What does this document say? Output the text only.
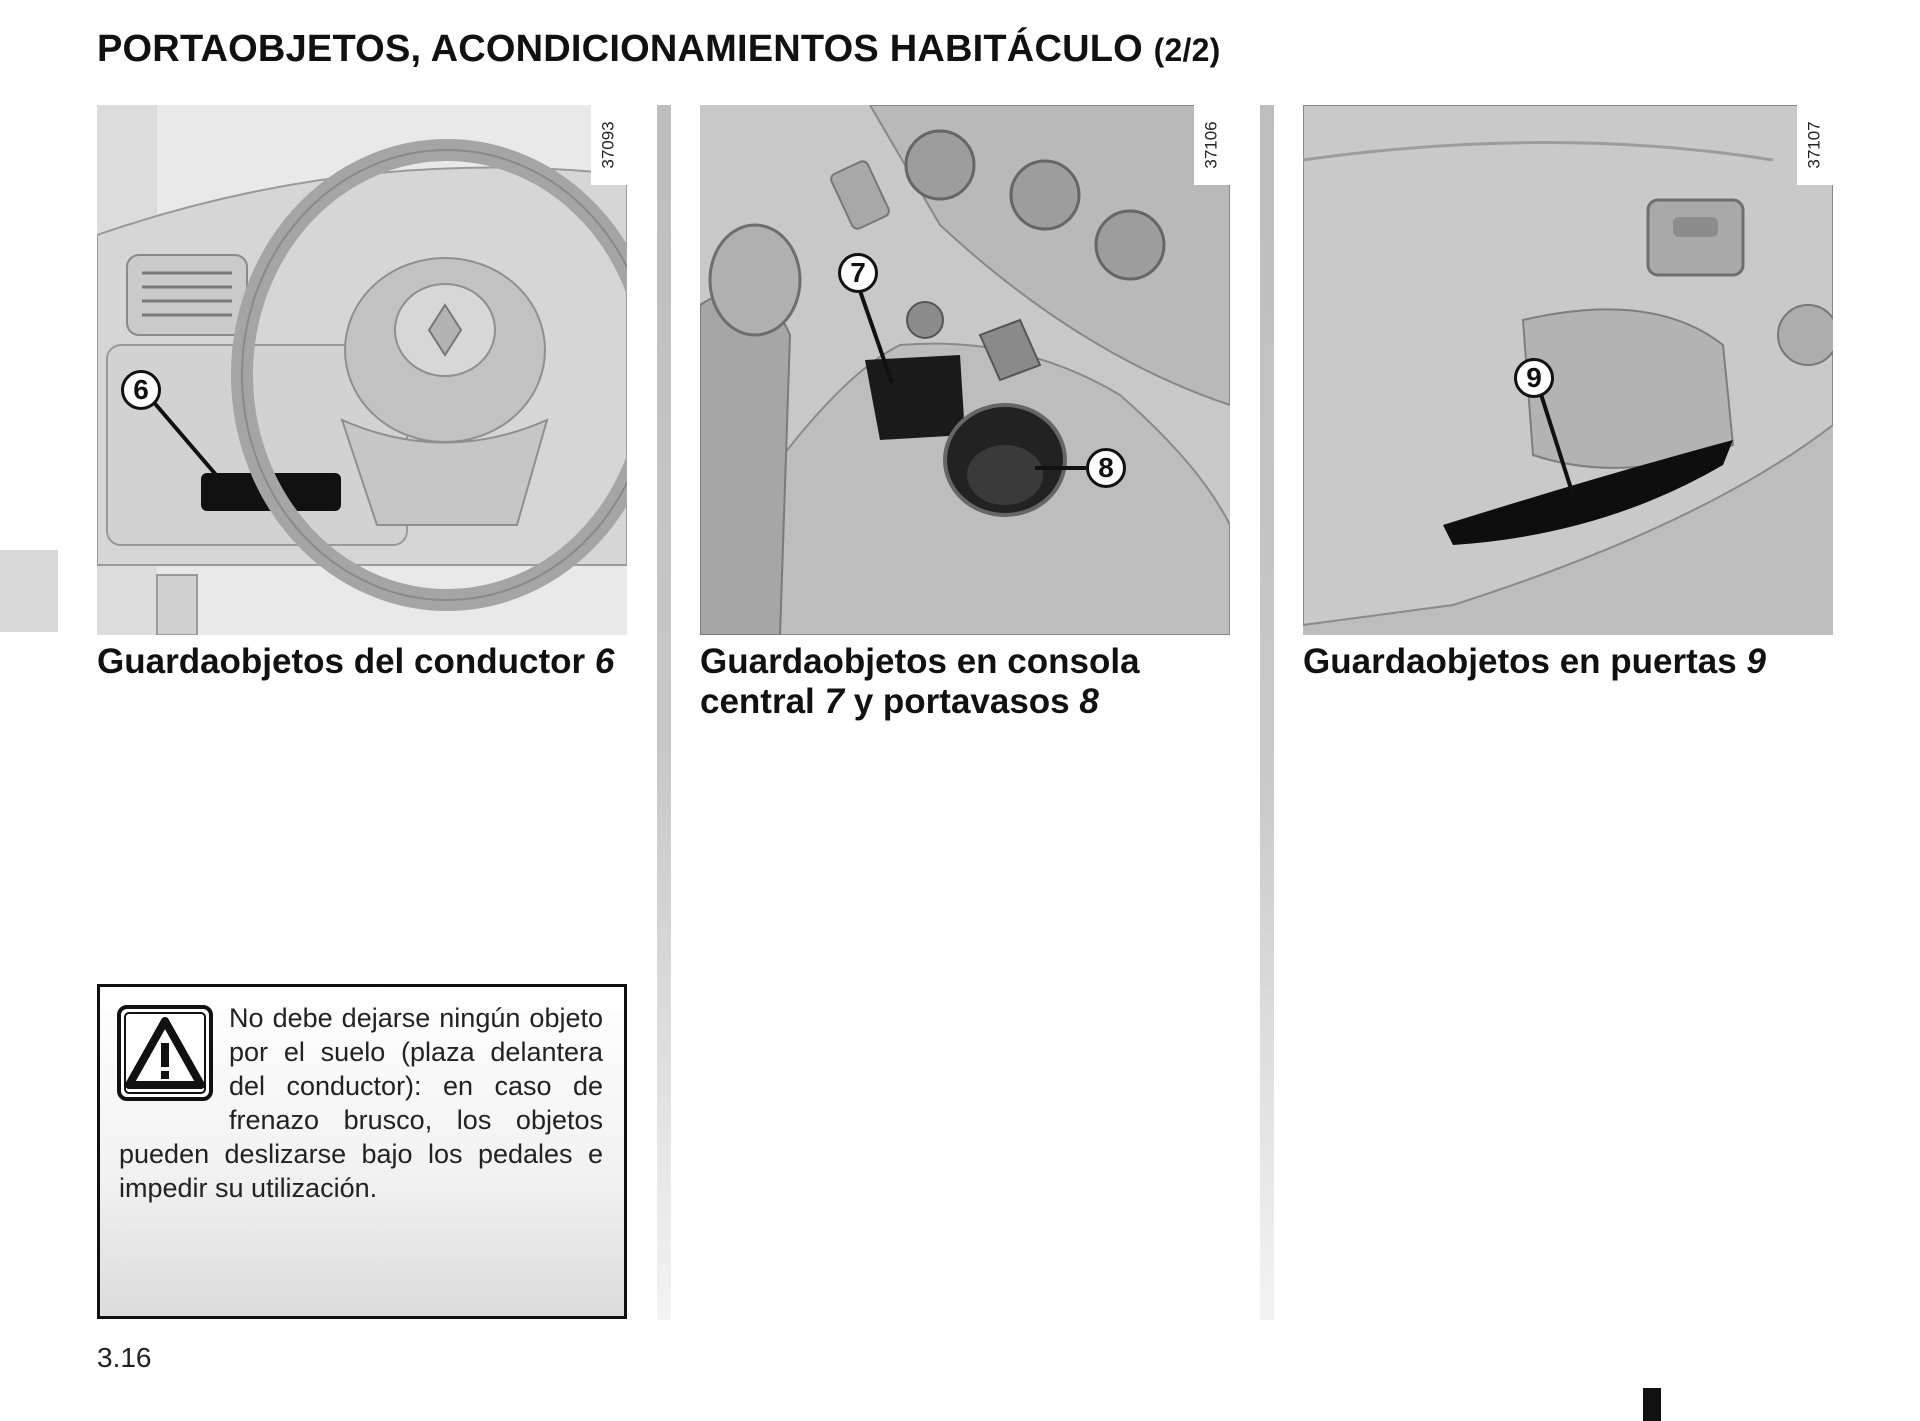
PORTAOBJETOS, ACONDICIONAMIENTOS HABITÁCULO (2/2)
37093
6
37106
7
8
37107
9
Guardaobjetos del conductor 6	Guardaobjetos en consola central 7 y portavasos 8
Guardaobjetos en puertas 9
No debe dejarse ningún objeto por el suelo (plaza delantera del conductor): en caso de frenazo brusco, los objetos pueden deslizarse bajo los pedales e impedir su utilización.
3.16
